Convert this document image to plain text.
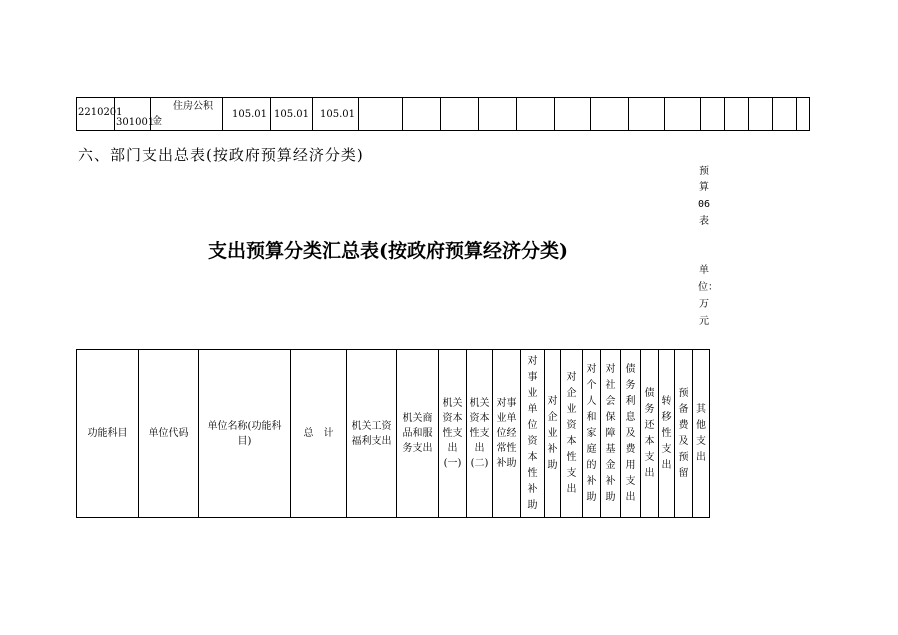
2210201
301001
住房公积金
105.01 105.01 105.01
六、部门支出总表(按政府预算经济分类)
预算
06
表
支出预算分类汇总表(按政府预算经济分类)
单位：万元
功能科目 单位代码
单位名称(功能科目)
总　计
机关工资福利支出
机关商品和服务支出
机关资本性支出(一)
机关资本性支出(二)
对事业单位经常性补助
对事业单位资本性补助
对企业补助
对企业资本性支出
对个人和家庭的补助
对社会保障基金补助
债务利息及费用支出
债务还本支出
转移性支出
预备费及预留
其他支出
